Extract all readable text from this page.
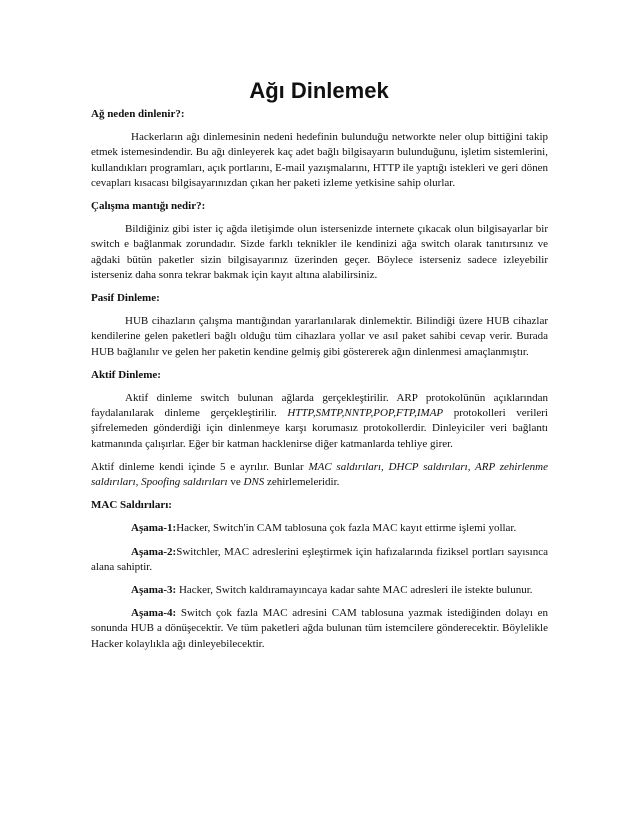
Ağı Dinlemek

Ağ neden dinlenir?:

Hackerların ağı dinlemesinin nedeni hedefinin bulunduğu networkte neler olup bittiğini takip etmek istemesindendir. Bu ağı dinleyerek kaç adet bağlı bilgisayarın bulunduğunu, işletim sistemlerini, kullandıkları programları, açık portlarını, E-mail yazışmalarını, HTTP ile yaptığı istekleri ve geri dönen cevapları kısacası bilgisayarınızdan çıkan her paketi izleme yetkisine sahip olurlar.

Çalışma mantığı nedir?:

Bildiğiniz gibi ister iç ağda iletişimde olun istersenizde internete çıkacak olun bilgisayarlar bir switch e bağlanmak zorundadır. Sizde farklı teknikler ile kendinizi ağa switch olarak tanıtırsınız ve ağdaki bütün paketler sizin bilgisayarınız üzerinden geçer. Böylece isterseniz sadece izleyebilir isterseniz daha sonra tekrar bakmak için kayıt altına alabilirsiniz.

Pasif Dinleme:

HUB cihazların çalışma mantığından yararlanılarak dinlemektir. Bilindiği üzere HUB cihazlar kendilerine gelen paketleri bağlı olduğu tüm cihazlara yollar ve asıl paket sahibi cevap verir. Burada HUB bağlanılır ve gelen her paketin kendine gelmiş gibi göstererek ağın dinlenmesi amaçlanmıştır.

Aktif Dinleme:

Aktif dinleme switch bulunan ağlarda gerçekleştirilir. ARP protokolünün açıklarından faydalanılarak dinleme gerçekleştirilir. HTTP,SMTP,NNTP,POP,FTP,IMAP protokolleri verileri şifrelemeden gönderdiği için dinlenmeye karşı korumasız protokollerdir. Dinleyiciler veri bağlantı katmanında çalışırlar. Eğer bir katman hacklenirse diğer katmanlarda tehliye girer.

Aktif dinleme kendi içinde 5 e ayrılır. Bunlar MAC saldırıları, DHCP saldırıları, ARP zehirlenme saldırıları, Spoofing saldırıları ve DNS zehirlemeleridir.

MAC Saldırıları:

Aşama-1:Hacker, Switch'in CAM tablosuna çok fazla MAC kayıt ettirme işlemi yollar.

Aşama-2:Switchler, MAC adreslerini eşleştirmek için hafızalarında fiziksel portları sayısınca alana sahiptir.

Aşama-3: Hacker, Switch kaldıramayıncaya kadar sahte MAC adresleri ile istekte bulunur.

Aşama-4: Switch çok fazla MAC adresini CAM tablosuna yazmak istediğinden dolayı en sonunda HUB a dönüşecektir. Ve tüm paketleri ağda bulunan tüm istemcilere gönderecektir. Böylelikle Hacker kolaylıkla ağı dinleyebilecektir.
